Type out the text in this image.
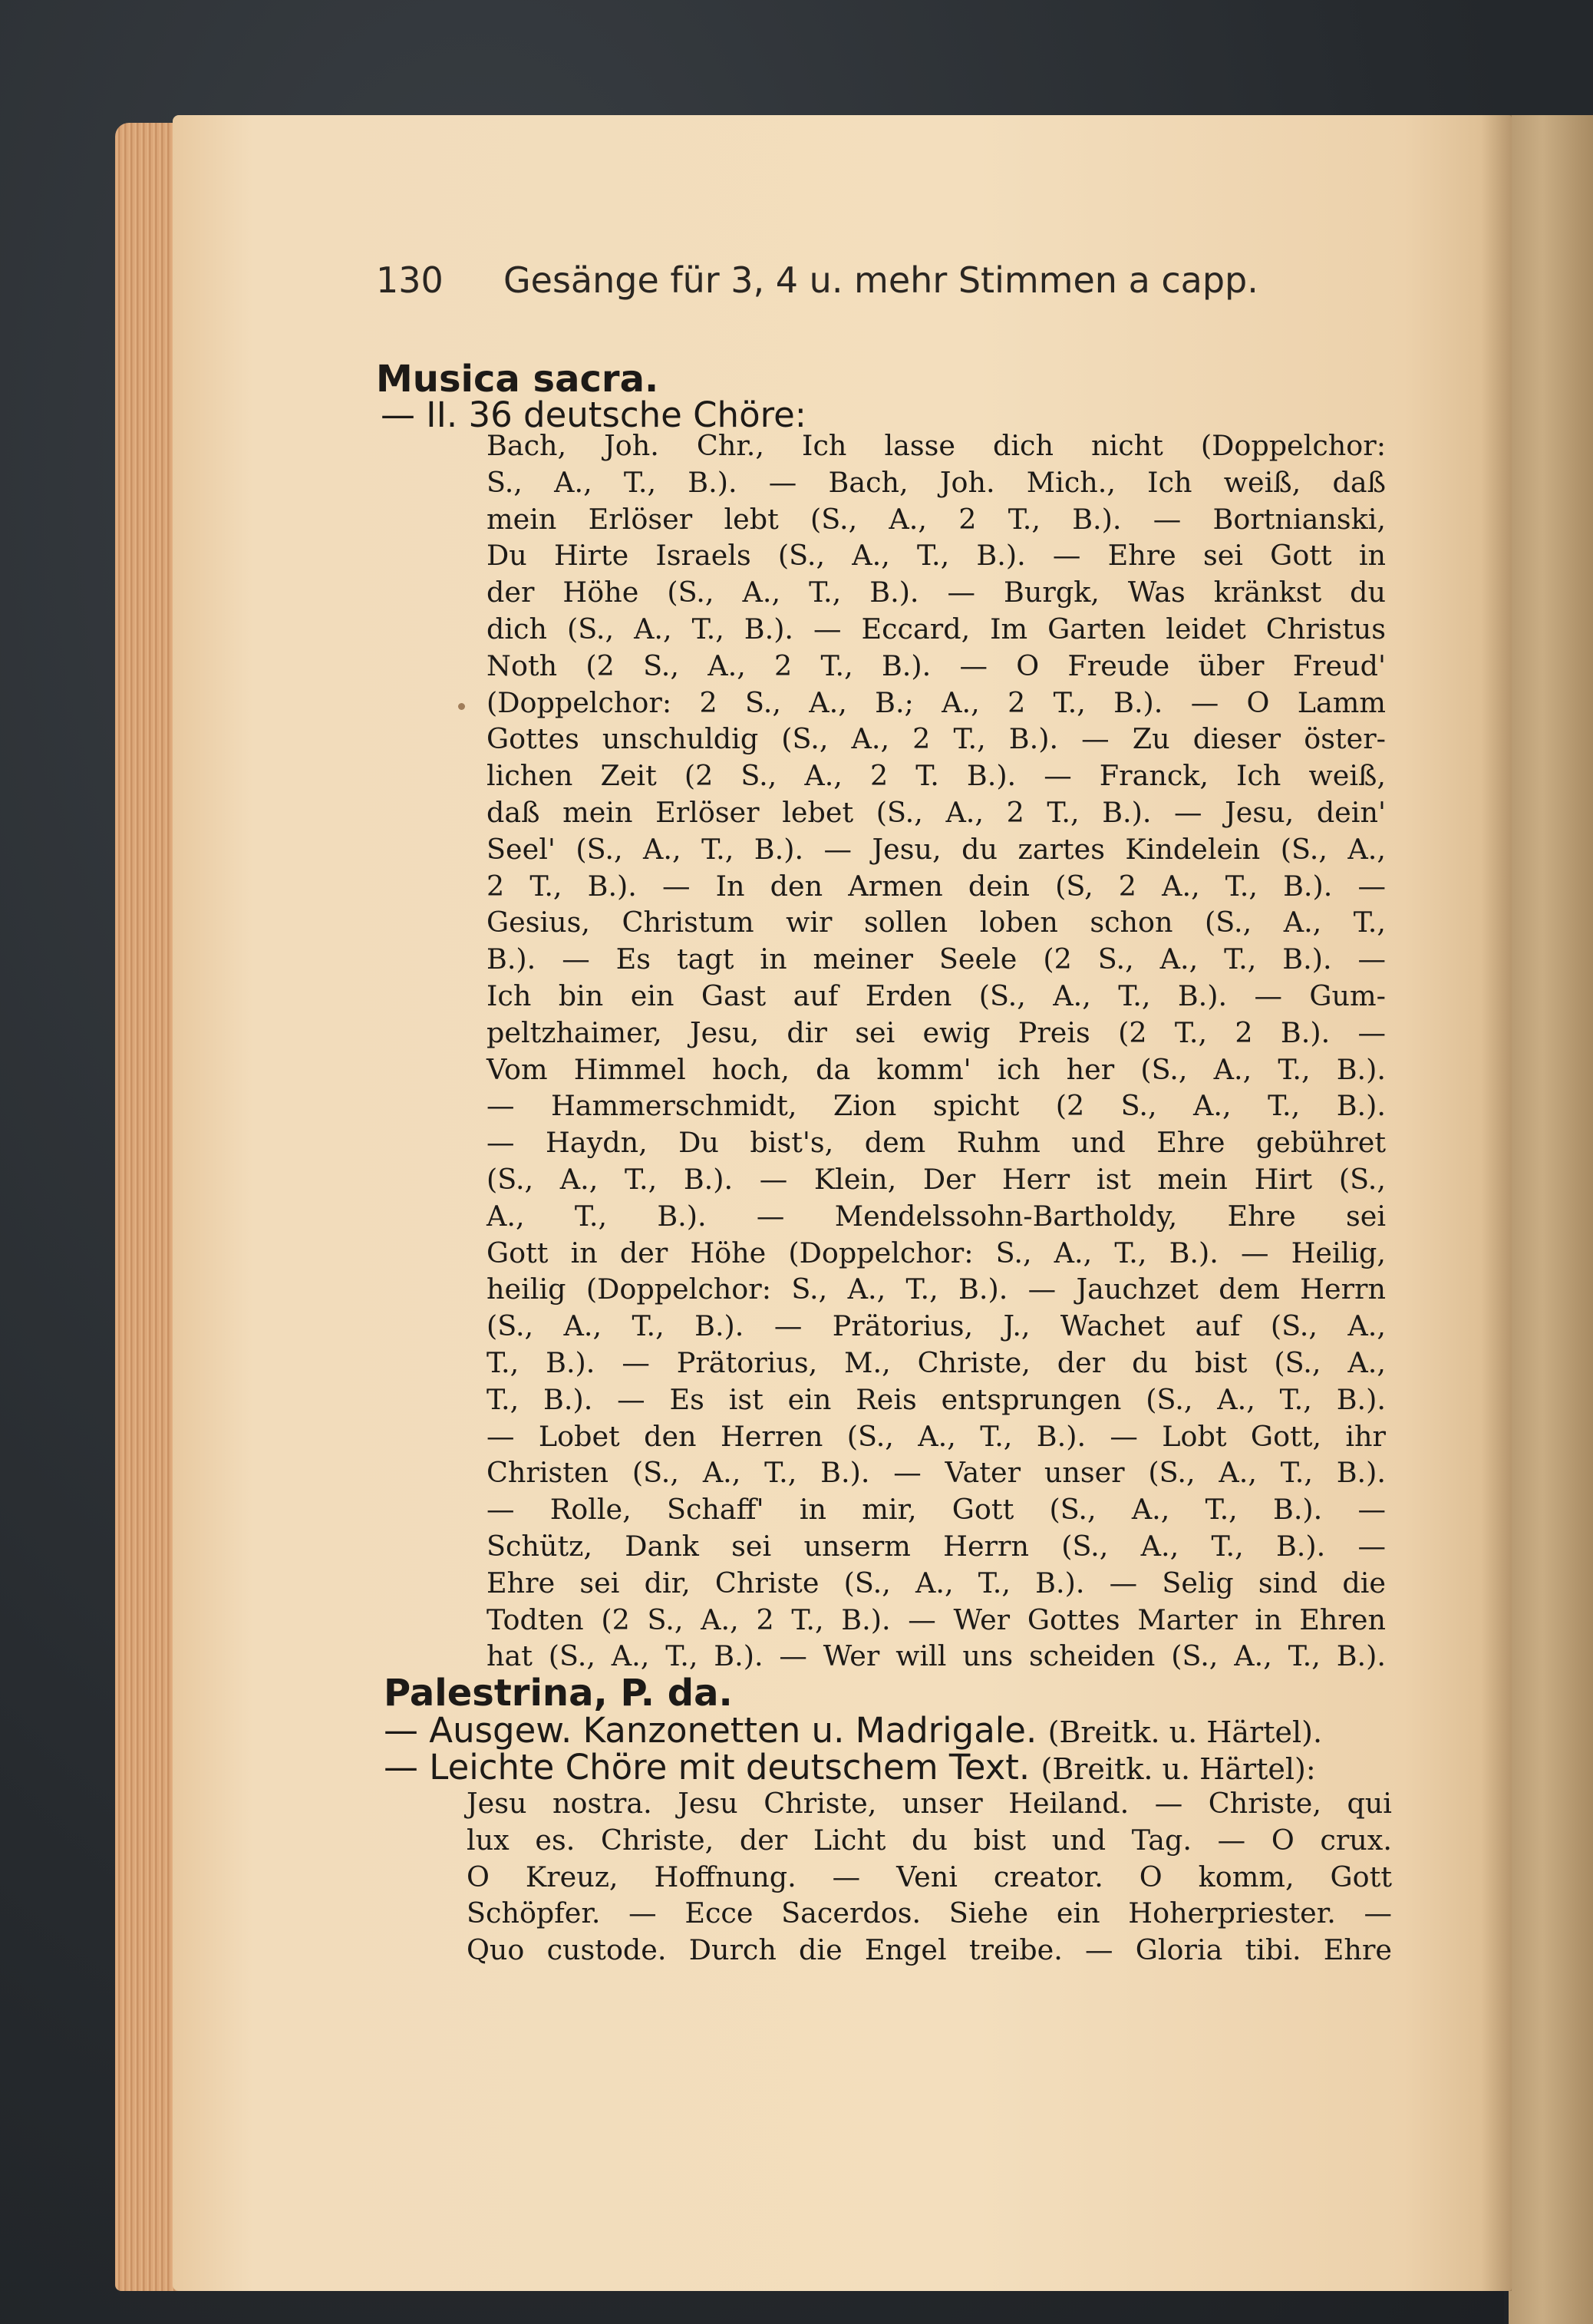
130 Gesänge für 3, 4 u. mehr Stimmen a capp.
Musica sacra.
— II. 36 deutsche Chöre:
Bach, Joh. Chr., Ich lasse dich nicht (Doppelchor:
S., A., T., B.). — Bach, Joh. Mich., Ich weiß, daß
mein Erlöser lebt (S., A., 2 T., B.). — Bortnianski,
Du Hirte Israels (S., A., T., B.). — Ehre sei Gott in
der Höhe (S., A., T., B.). — Burgk, Was kränkst du
dich (S., A., T., B.). — Eccard, Im Garten leidet Christus
Noth (2 S., A., 2 T., B.). — O Freude über Freud'
(Doppelchor: 2 S., A., B.; A., 2 T., B.). — O Lamm
Gottes unschuldig (S., A., 2 T., B.). — Zu dieser öster-
lichen Zeit (2 S., A., 2 T. B.). — Franck, Ich weiß,
daß mein Erlöser lebet (S., A., 2 T., B.). — Jesu, dein'
Seel' (S., A., T., B.). — Jesu, du zartes Kindelein (S., A.,
2 T., B.). — In den Armen dein (S, 2 A., T., B.). —
Gesius, Christum wir sollen loben schon (S., A., T.,
B.). — Es tagt in meiner Seele (2 S., A., T., B.). —
Ich bin ein Gast auf Erden (S., A., T., B.). — Gum-
peltzhaimer, Jesu, dir sei ewig Preis (2 T., 2 B.). —
Vom Himmel hoch, da komm' ich her (S., A., T., B.).
— Hammerschmidt, Zion spicht (2 S., A., T., B.).
— Haydn, Du bist's, dem Ruhm und Ehre gebühret
(S., A., T., B.). — Klein, Der Herr ist mein Hirt (S.,
A., T., B.). — Mendelssohn-Bartholdy, Ehre sei
Gott in der Höhe (Doppelchor: S., A., T., B.). — Heilig,
heilig (Doppelchor: S., A., T., B.). — Jauchzet dem Herrn
(S., A., T., B.). — Prätorius, J., Wachet auf (S., A.,
T., B.). — Prätorius, M., Christe, der du bist (S., A.,
T., B.). — Es ist ein Reis entsprungen (S., A., T., B.).
— Lobet den Herren (S., A., T., B.). — Lobt Gott, ihr
Christen (S., A., T., B.). — Vater unser (S., A., T., B.).
— Rolle, Schaff' in mir, Gott (S., A., T., B.). —
Schütz, Dank sei unserm Herrn (S., A., T., B.). —
Ehre sei dir, Christe (S., A., T., B.). — Selig sind die
Todten (2 S., A., 2 T., B.). — Wer Gottes Marter in Ehren
hat (S., A., T., B.). — Wer will uns scheiden (S., A., T., B.).
Palestrina, P. da.
— Ausgew. Kanzonetten u. Madrigale. (Breitk. u. Härtel).
— Leichte Chöre mit deutschem Text. (Breitk. u. Härtel):
Jesu nostra. Jesu Christe, unser Heiland. — Christe, qui
lux es. Christe, der Licht du bist und Tag. — O crux.
O Kreuz, Hoffnung. — Veni creator. O komm, Gott
Schöpfer. — Ecce Sacerdos. Siehe ein Hoherpriester. —
Quo custode. Durch die Engel treibe. — Gloria tibi. Ehre
